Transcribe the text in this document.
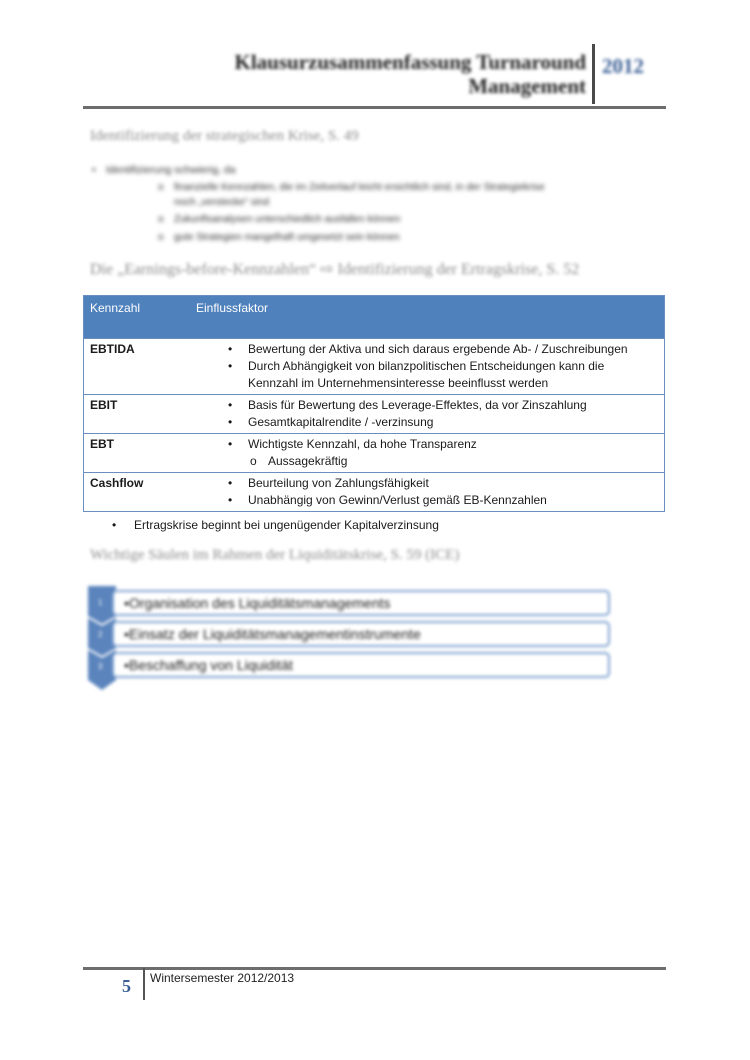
Klausurzusammenfassung Turnaround
Management
2012
Identifizierung der strategischen Krise, S. 49
• Identifizierung schwierig, da
o finanzielle Kennzahlen, die im Zeitverlauf leicht ersichtlich sind, in der Strategiekrise
noch „verstecke“ sind
o Zukunftsanalysen unterschiedlich ausfallen können
o gute Strategien mangelhaft umgesetzt sein können
Die „Earnings-before-Kennzahlen“ ⇨ Identifizierung der Ertragskrise, S. 52
Kennzahl	Einflussfaktor
EBTIDA	• Bewertung der Aktiva und sich daraus ergebende Ab- / Zuschreibungen
• Durch Abhängigkeit von bilanzpolitischen Entscheidungen kann die Kennzahl im Unternehmensinteresse beeinflusst werden
EBIT	• Basis für Bewertung des Leverage-Effektes, da vor Zinszahlung
• Gesamtkapitalrendite / -verzinsung
EBT	• Wichtigste Kennzahl, da hohe Transparenz
o Aussagekräftig
Cashflow	• Beurteilung von Zahlungsfähigkeit
• Unabhängig von Gewinn/Verlust gemäß EB-Kennzahlen
• Ertragskrise beginnt bei ungenügender Kapitalverzinsung
Wichtige Säulen im Rahmen der Liquiditätskrise, S. 59 (ICE)
•Organisation des Liquiditätsmanagements
•Einsatz der Liquiditätsmanagementinstrumente
•Beschaffung von Liquidität
1
2
3
5 Wintersemester 2012/2013
